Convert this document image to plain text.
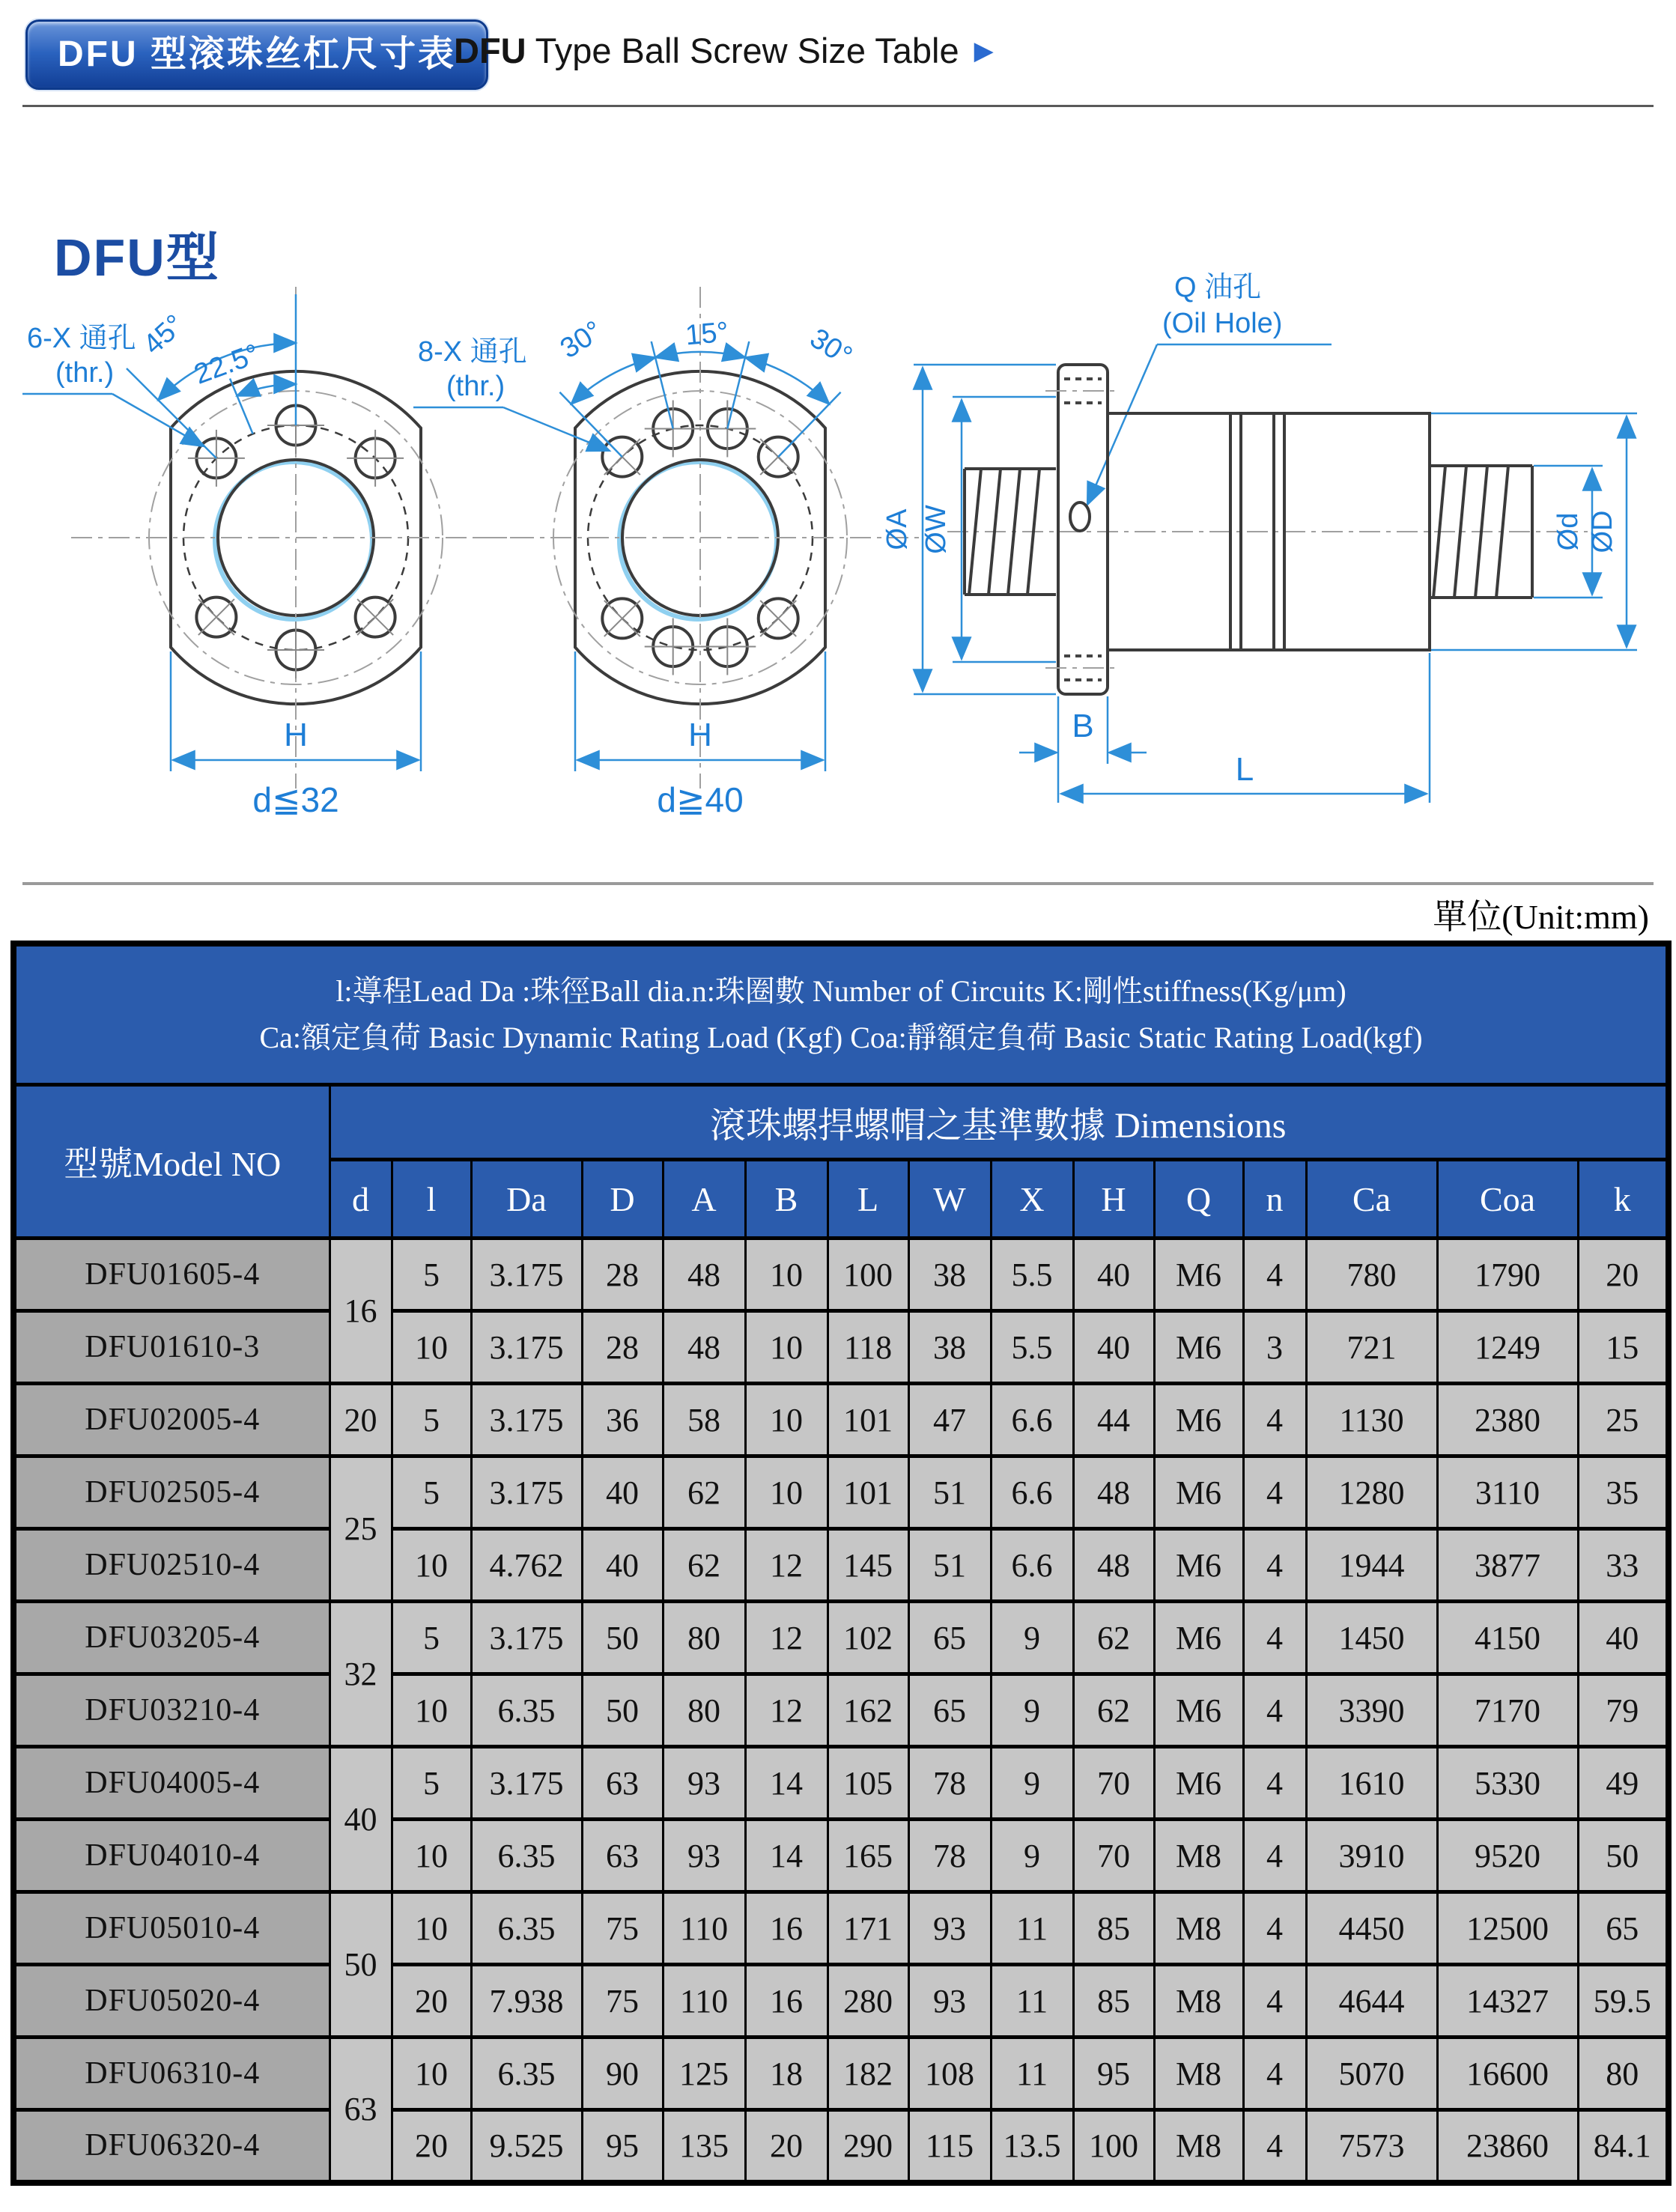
DFU 型滚珠丝杠尺寸表
DFU Type Ball Screw Size Table ▶
DFU型
45°
22.5°
H
d≦32
30°	15°	30°
H
d≧40
6-X 通孔
(thr.)
8-X 通孔
(thr.)
Q 油孔
(Oil Hole)
ØA ØW	Ød ØD
B
L
單位(Unit:mm)
l:導程Lead Da :珠徑Ball dia.n:珠圈數 Number of Circuits K:剛性stiffness(Kg/μm)
Ca:額定負荷 Basic Dynamic Rating Load (Kgf) Coa:靜額定負荷 Basic Static Rating Load(kgf)															

型號Model NO	滾珠螺捍螺帽之基準數據 Dimensions														
	d	l	Da	D	A	B	L	W	X	H	Q	n	Ca	Coa	k
DFU01605-4	16	5	3.175	28	48	10	100	38	5.5	40	M6	4	780	1790	20
DFU01610-3		10	3.175	28	48	10	118	38	5.5	40	M6	3	721	1249	15
DFU02005-4	20	5	3.175	36	58	10	101	47	6.6	44	M6	4	1130	2380	25
DFU02505-4	25	5	3.175	40	62	10	101	51	6.6	48	M6	4	1280	3110	35
DFU02510-4		10	4.762	40	62	12	145	51	6.6	48	M6	4	1944	3877	33
DFU03205-4	32	5	3.175	50	80	12	102	65	9	62	M6	4	1450	4150	40
DFU03210-4		10	6.35	50	80	12	162	65	9	62	M6	4	3390	7170	79
DFU04005-4	40	5	3.175	63	93	14	105	78	9	70	M6	4	1610	5330	49
DFU04010-4		10	6.35	63	93	14	165	78	9	70	M8	4	3910	9520	50
DFU05010-4	50	10	6.35	75	110	16	171	93	11	85	M8	4	4450	12500	65
DFU05020-4		20	7.938	75	110	16	280	93	11	85	M8	4	4644	14327	59.5
DFU06310-4	63	10	6.35	90	125	18	182	108	11	95	M8	4	5070	16600	80
DFU06320-4		20	9.525	95	135	20	290	115	13.5	100	M8	4	7573	23860	84.1
